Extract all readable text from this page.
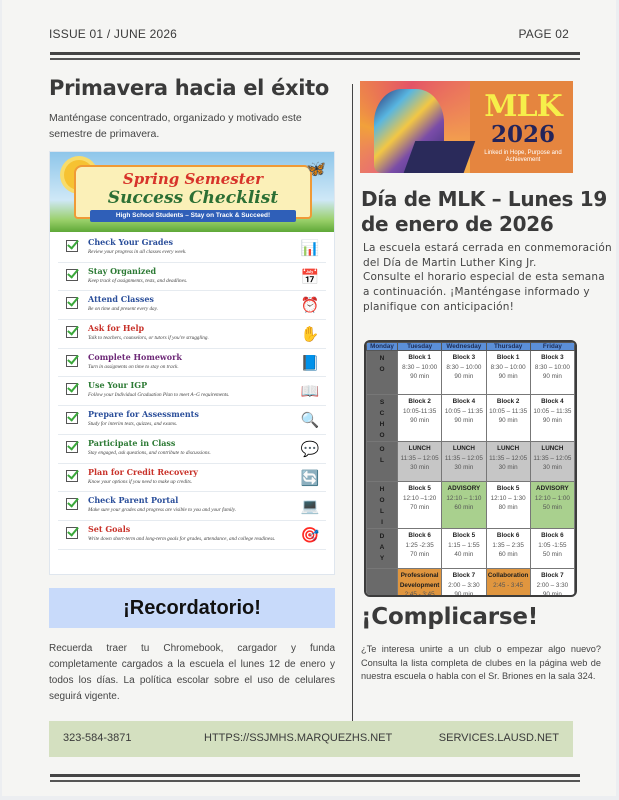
ISSUE 01 / JUNE 2026	PAGE 02
Primavera hacia el éxito

Manténgase concentrado, organizado y motivado este semestre de primavera.

Spring Semester
Success Checklist
High School Students – Stay on Track & Succeed!
🦋
Check Your Grades
Review your progress in all classes every week.	📊
Stay Organized
Keep track of assignments, tests, and deadlines.	📅
Attend Classes
Be on time and present every day.	⏰
Ask for Help
Talk to teachers, counselors, or tutors if you're struggling.	✋
Complete Homework
Turn in assigments on time to stay on track.	📘
Use Your IGP
Follow your Individual Graduation Plan to meet A–G requirements.	📖
Prepare for Assessments
Study for interim tests, quizzes, and exams.	🔍
Participate in Class
Stay engaged, ask questions, and contribute to discussions.	💬
Plan for Credit Recovery
Know your options if you need to make up credits.	🔄
Check Parent Portal
Make sure your grades and progress are visible to you and your family.	💻
Set Goals
Write down short-term and long-term goals for grades, attendance, and college readiness.	🎯
¡Recordatorio!

Recuerda traer tu Chromebook, cargador y funda completamente cargados a la escuela el lunes 12 de enero y todos los días. La política escolar sobre el uso de celulares seguirá vigente.

MLK
2026
Linked in Hope, Purpose and Achievement
Día de MLK – Lunes 19 de enero de 2026
La escuela estará cerrada en conmemoración del Día de Martin Luther King Jr.
Consulte el horario especial de esta semana a continuación. ¡Manténgase informado y planifique con anticipación!
Monday	Tuesday	Wednesday	Thursday	Friday
N
O	Block 1
8:30 – 10:00
90 min	Block 3
8:30 – 10:00
90 min	Block 1
8:30 – 10:00
90 min	Block 3
8:30 – 10:00
90 min

S
C
H
O	Block 2
10:05-11:35
90 min	Block 4
10:05 – 11:35
90 min	Block 2
10:05 – 11:35
90 min	Block 4
10:05 – 11:35
90 min

O
L	LUNCH
11:35 – 12:05
30 min	LUNCH
11:35 – 12:05
30 min	LUNCH
11:35 – 12:05
30 min	LUNCH
11:35 – 12:05
30 min

H
O
L
I	Block 5
12:10 –1:20
70 min	ADVISORY
12:10 – 1:10
60 min	Block 5
12:10 – 1:30
80 min	ADVISORY
12:10 – 1:00
50 min

D
A
Y	Block 6
1:25 -2:35
70 min	Block 5
1:15 – 1:55
40 min	Block 6
1:35 – 2:35
60 min	Block 6
1:05 -1:55
50 min

	Professional Development
2:45 - 3:45	Block 7
2:00 – 3:30
90 min	Collaboration
2:45 - 3:45	Block 7
2:00 – 3:30
90 min
¡Complicarse!

¿Te interesa unirte a un club o empezar algo nuevo? Consulta la lista completa de clubes en la página web de nuestra escuela o habla con el Sr. Briones en la sala 324.

323-584-3871	HTTPS://SSJMHS.MARQUEZHS.NET	SERVICES.LAUSD.NET
